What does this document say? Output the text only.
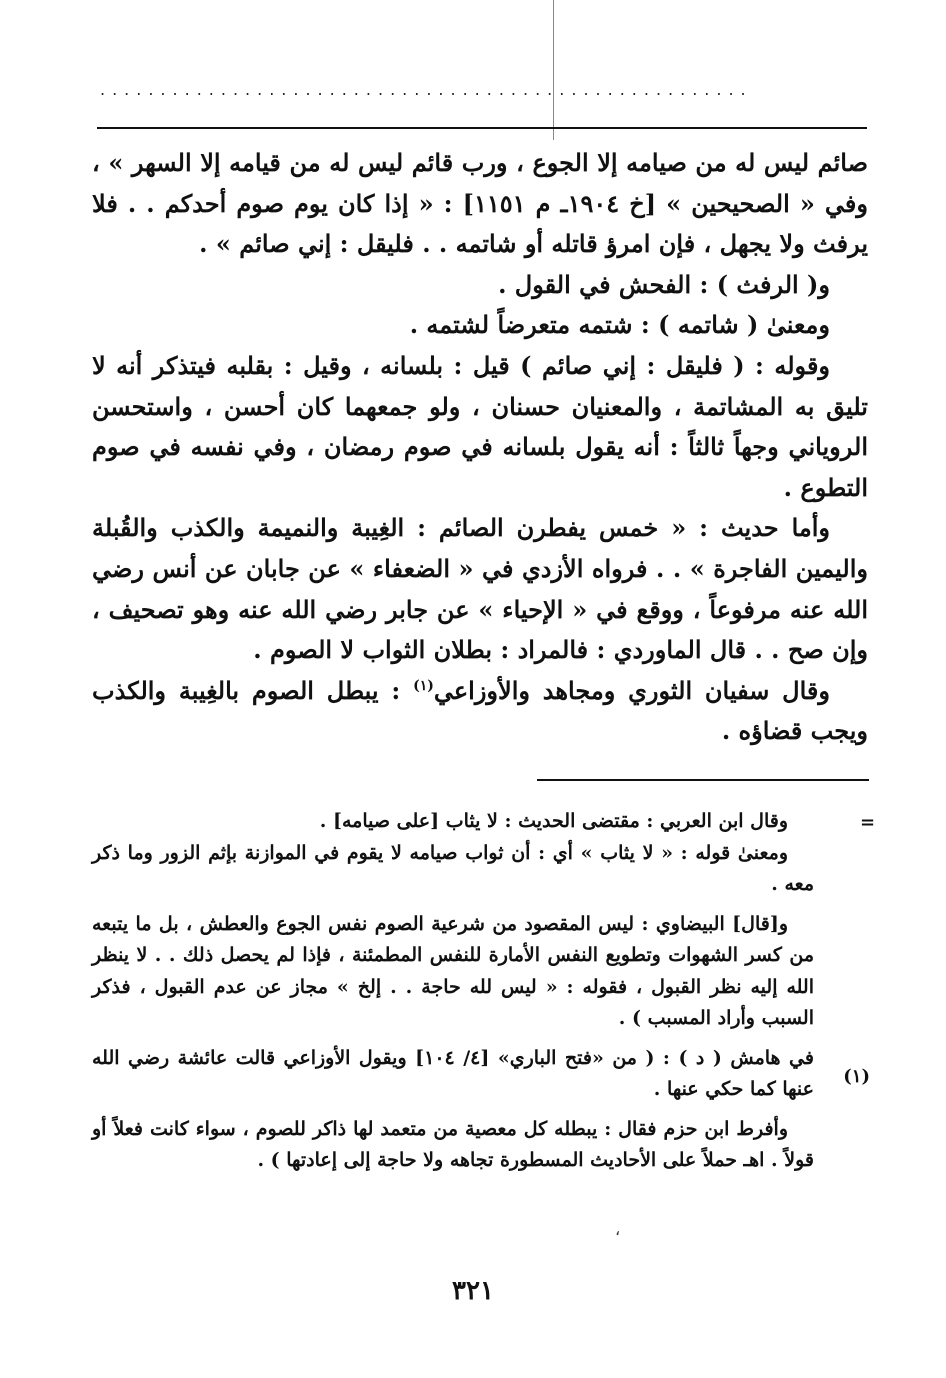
......................................................

صائم ليس له من صيامه إلا الجوع ، ورب قائم ليس له من قيامه إلا السهر » ، وفي « الصحيحين » [خ ١٩٠٤ـ م ١١٥١] : « إذا كان يوم صوم أحدكم . . فلا يرفث ولا يجهل ، فإن امرؤ قاتله أو شاتمه . . فليقل : إني صائم » .

و( الرفث ) : الفحش في القول .

ومعنىٰ ( شاتمه ) : شتمه متعرضاً لشتمه .

وقوله : ( فليقل : إني صائم ) قيل : بلسانه ، وقيل : بقلبه فيتذكر أنه لا تليق به المشاتمة ، والمعنيان حسنان ، ولو جمعهما كان أحسن ، واستحسن الروياني وجهاً ثالثاً : أنه يقول بلسانه في صوم رمضان ، وفي نفسه في صوم التطوع .

وأما حديث : « خمس يفطرن الصائم : الغِيبة والنميمة والكذب والقُبلة واليمين الفاجرة » . . فرواه الأزدي في « الضعفاء » عن جابان عن أنس رضي الله عنه مرفوعاً ، ووقع في « الإحياء » عن جابر رضي الله عنه وهو تصحيف ، وإن صح . . قال الماوردي : فالمراد : بطلان الثواب لا الصوم .

وقال سفيان الثوري ومجاهد والأوزاعي$^{(١)}$ : يبطل الصوم بالغِيبة والكذب ويجب قضاؤه .

=
(١)

وقال ابن العربي : مقتضى الحديث : لا يثاب [على صيامه] .

ومعنىٰ قوله : « لا يثاب » أي : أن ثواب صيامه لا يقوم في الموازنة بإثم الزور وما ذكر معه .

و[قال] البيضاوي : ليس المقصود من شرعية الصوم نفس الجوع والعطش ، بل ما يتبعه من كسر الشهوات وتطويع النفس الأمارة للنفس المطمئنة ، فإذا لم يحصل ذلك . . لا ينظر الله إليه نظر القبول ، فقوله : « ليس لله حاجة . . إلخ » مجاز عن عدم القبول ، فذكر السبب وأراد المسبب ) .

في هامش ( د ) : ( من «فتح الباري» [٤/ ١٠٤] ويقول الأوزاعي قالت عائشة رضي الله عنها كما حكي عنها .

وأفرط ابن حزم فقال : يبطله كل معصية من متعمد لها ذاكر للصوم ، سواء كانت فعلاً أو قولاً . اهـ حملاً على الأحاديث المسطورة تجاهه ولا حاجة إلى إعادتها ) .

،
٣٢١
